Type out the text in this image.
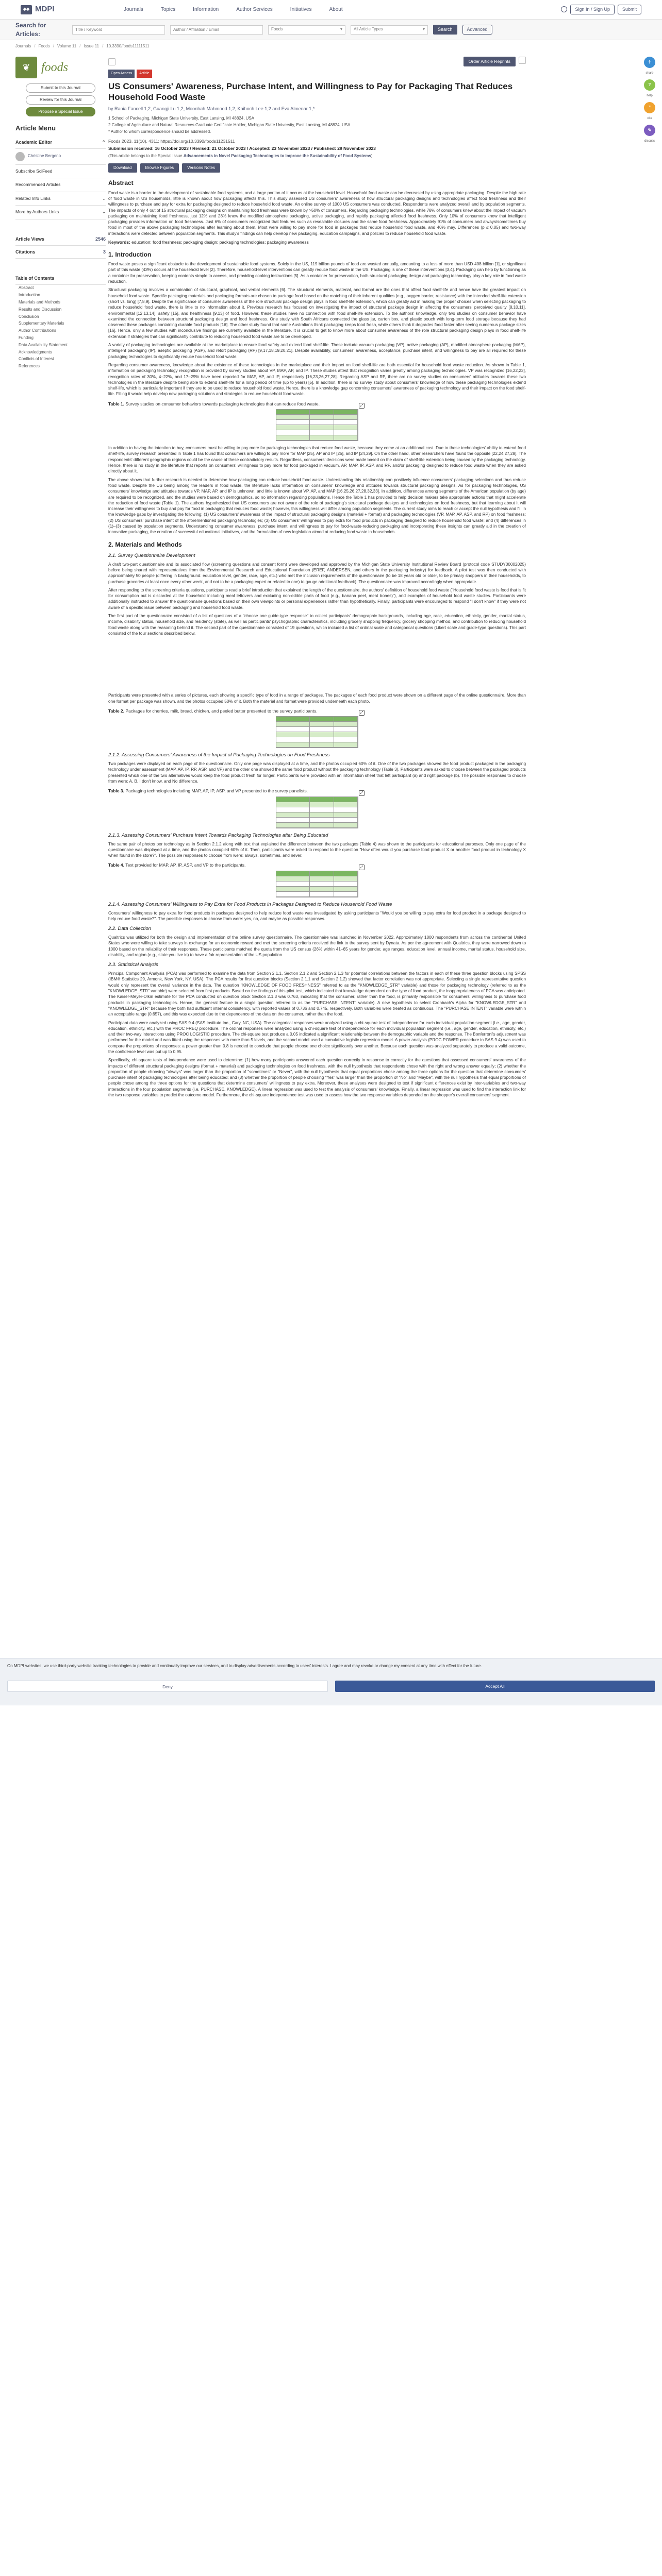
◆◆ MDPI	Journals	Topics	Information	Author Services	Initiatives	About	Sign In / Sign Up	Submit
Search for Articles:
Title / Keyword	Author / Affiliation / Email	Foods	▾	All Article Types	▾	Search	Advanced
Journals / Foods / Volume 11 / Issue 11 / 10.3390/foods11111511
❦ foods
Submit to this Journal
Review for this Journal
Propose a Special Issue
Article Menu
Academic Editor	⌃
Christine Bergeno
Subscribe SciFeed
Recommended Articles
Related Info Links	⌄
More by Authors Links	⌄
Article Views	2546
Citations	3
Table of Contents
Abstract
Introduction
Materials and Methods
Results and Discussion
Conclusion
Supplementary Materials
Author Contributions
Funding
Data Availability Statement
Acknowledgments
Conflicts of Interest
References
Order Article Reprints
Open Access	Article
US Consumers' Awareness, Purchase Intent, and Willingness to Pay for Packaging That Reduces Household Food Waste
by Rania Fancell 1,2, Guangji Lu 1,2, Moonhah Mahmood 1,2, Kaihoch Lee 1,2 and Eva Almenar 1,*
1 School of Packaging, Michigan State University, East Lansing, MI 48824, USA
2 College of Agriculture and Natural Resources Graduate Certificate Holder, Michigan State University, East Lansing, MI 48824, USA
* Author to whom correspondence should be addressed.
Foods 2023, 11(10), 4311; https://doi.org/10.3390/foods11231511
Submission received: 16 October 2023 / Revised: 21 October 2023 / Accepted: 23 November 2023 / Published: 29 November 2023
(This article belongs to the Special Issue Advancements in Novel Packaging Technologies to Improve the Sustainability of Food Systems)
Download	Browse Figures	Versions Notes
Abstract
Food waste is a barrier to the development of sustainable food systems, and a large portion of it occurs at the household level. Household food waste can be decreased by using appropriate packaging. Despite the high rate of food waste in US households, little is known about how packaging affects this. This study assessed US consumers' awareness of how structural packaging designs and technologies affect food freshness and their willingness to purchase and pay for extra for packaging designed to reduce household food waste. An online survey of 1000 US consumers was conducted. Respondents were analyzed overall and by population segments. The impacts of only 4 out of 15 structural packaging designs on maintaining food freshness were known by >50% of consumers. Regarding packaging technologies, while 78% of consumers knew about the impact of vacuum packaging on maintaining food freshness, just 12% and 28% knew the modified atmosphere packaging, active packaging, and rapidly packaging affected food freshness. Only 10% of consumers knew that intelligent packaging provides information on food freshness. Just 6% of consumers recognized that features such as resealable closures and the same food freshness. Approximately 91% of consumers and always/sometimes buy food in most of the above packaging technologies after learning about them. Most were willing to pay more for food in packages that reduce household food waste, and 40% may. Differences (p ≤ 0.05) and two-way interactions were detected between population segments. This study's findings can help develop new packaging, education campaigns, and policies to reduce household food waste.
Keywords: education; food freshness; packaging design; packaging technologies; packaging awareness
1. Introduction
Food waste poses a significant obstacle to the development of sustainable food systems. Solely in the US, 119 billion pounds of food are wasted annually, amounting to a loss of more than USD 408 billion [1], or significant part of this waste (43%) occurs at the household level [2]. Therefore, household-level interventions can greatly reduce food waste in the US. Packaging is one of these interventions [3,4]. Packaging can help by functioning as a container for preservation, keeping contents simple to access, and providing cooking instructions [5]. As a container for preservation, both structural packaging design and packaging technology play a key role in food waste reduction.
Structural packaging involves a combination of structural, graphical, and verbal elements [6]. The structural elements, material, and format are the ones that affect food shelf-life and hence have the greatest impact on household food waste. Specific packaging materials and packaging formats are chosen to package food based on the matching of their inherent qualities (e.g., oxygen barrier, resistance) with the intended shelf-life extension (short vs. long) [7,8,9]. Despite the significance of consumer awareness of the role structural package design plays in food shelf-life extension, which can greatly aid in making the proper choices when selecting packaging to reduce household food waste, there is little to no information about it. Previous research has focused on investigating the impact of structural package design in affecting the consumers' perceived quality [8,10,11], environmental [12,13,14], safety [15], and healthiness [9,13] of food. However, these studies have no connection with food shelf-life extension. To the authors' knowledge, only two studies on consumer behavior have examined the connection between structural packaging design and food freshness. One study with South Africans connected the glass jar, carton box, and plastic pouch with long-term food storage because they had observed these packages containing durable food products [16]. The other study found that some Australians think packaging keeps food fresh, while others think it degrades food faster after seeing numerous package sizes [16]. Hence, only a few studies with inconclusive findings are currently available in the literature. It is crucial to get to know more about consumer awareness of the role structural packaging design plays in food shelf-life extension if strategies that can significantly contribute to reducing household food waste are to be developed.
A variety of packaging technologies are available at the marketplace to ensure food safety and extend food shelf-life. These include vacuum packaging (VP), active packaging (AP), modified atmosphere packaging (MAP), intelligent packaging (IP), aseptic packaging (ASP), and retort packaging (RP) [9,17,18,19,20,21]. Despite availability, consumers' awareness, acceptance, purchase intent, and willingness to pay are all required for these packaging technologies to significantly reduce household food waste.
Regarding consumer awareness, knowledge about the existence of these technologies in the marketplace and their impact on food shelf-life are both essential for household food waste reduction. As shown in Table 1, information on packaging technology recognition is provided by survey studies about VP, MAP, AP, and IP. These studies attest that recognition varies greatly among packaging technologies. VP was recognized [16,22,23], recognition rates of 30%, 4–22%, and 17–29% have been reported for MAP, AP, and IP, respectively [16,23,26,27,28]. Regarding ASP and RP, there are no survey studies on consumers' attitudes towards these two technologies in the literature despite being able to extend shelf-life for a long period of time (up to years) [5]. In addition, there is no survey study about consumers' knowledge of how these packaging technologies extend shelf-life, which is particularly important if they are to be used to reduce household food waste. Hence, there is a knowledge gap concerning consumers' awareness of packaging technology and their impact on the food shelf-life. Filling it would help develop new packaging solutions and strategies to reduce household food waste.
Table 1. Survey studies on consumer behaviors towards packaging technologies that can reduce food waste.	⤢
In addition to having the intention to buy, consumers must be willing to pay more for packaging technologies that reduce food waste, because they come at an additional cost. Due to these technologies' ability to extend food shelf-life, survey research presented in Table 1 has found that consumers are willing to pay more for MAP [25], AP and IP [25], and IP [24,29]. On the other hand, other researchers have found the opposite [22,24,27,28]. The respondents' different geographic regions could be the cause of these contradictory results. Regardless, consumers' decisions were made based on the claim of shelf-life extension being caused by the packaging technology. Hence, there is no study in the literature that reports on consumers' willingness to pay more for food packaged in vacuum, AP, MAP, IP, ASP, and RP, and/or packaging designed to reduce food waste when they are asked directly about it.
The above shows that further research is needed to determine how packaging can reduce household food waste. Understanding this relationship can positively influence consumers' packaging selections and thus reduce food waste. Despite the US being among the leaders in food waste, the literature lacks information on consumers' knowledge and attitudes towards structural packaging designs. As for packaging technologies, US consumers' knowledge and attitudes towards VP, MAP, AP, and IP is unknown, and little is known about VP, AP, and MAP [16,25,26,27,28,32,33]. In addition, differences among segments of the American population (by age) are required to be recognized, and the studies were based on demographics, so no information regarding populations. Hence the Table 1 has provided to help decision makers take appropriate actions that might accelerate the reduction of food waste (Table 1). The authors hypothesized that US consumers are not aware of the role of packaging's structural package designs and technologies on food freshness, but that learning about it will increase their willingness to buy and pay for food in packaging that reduces food waste; however, this willingness will differ among population segments. The current study aims to reach or accept the null hypothesis and fill in the knowledge gaps by investigating the following: (1) US consumers' awareness of the impact of structural packaging designs (material + format) and packaging technologies (VP, MAP, AP, ASP, and RP) on food freshness; (2) US consumers' purchase intent of the aforementioned packaging technologies; (3) US consumers' willingness to pay extra for food products in packaging designed to reduce household food waste; and (4) differences in (1)–(3) caused by population segments. Understanding consumer awareness, purchase intent, and willingness to pay for food-waste-reducing packaging and incorporating these insights can greatly aid in the creation of innovative packaging, the creation of successful educational initiatives, and the formulation of new legislation aimed at reducing food waste in households.
2. Materials and Methods
2.1. Survey Questionnaire Development
A draft two-part questionnaire and its associated flow (screening questions and consent form) were developed and approved by the Michigan State University Institutional Review Board (protocol code STUDY00002025) before being shared with representatives from the Environmental Research and Educational Foundation (EREF, ANDERSEN, and others in the packaging industry) for feedback. A pilot test was then conducted with approximately 50 people (differing in background: education level, gender, race, age, etc.) who met the inclusion requirements of the questionnaire (to be 18 years old or older, to be primary shoppers in their households, to purchase groceries at least once every other week, and not to be a packaging expert or related to one) to gauge additional feedback). The questionnaire was improved accordingly when appropriate.
After responding to the screening criteria questions, participants read a brief introduction that explained the length of the questionnaire, the authors' definition of household food waste ("Household food waste is food that is fit for consumption but is discarded at the household including meal leftovers and excluding non-edible parts of food (e.g., banana peel, meat bones)"), and examples of household food waste studies. Participants were additionally instructed to answer the questionnaire questions based on their own viewpoints or personal experiences rather than hypothetically. Finally, participants were encouraged to respond "I don't know" if they were not aware of a specific issue between packaging and household food waste.
The first part of the questionnaire consisted of a list of questions of a "choose one guide-type response" to collect participants' demographic backgrounds, including age, race, education, ethnicity, gender, marital status, income, disability status, household size, and residency (state), as well as participants' psychographic characteristics, including grocery shopping frequency, grocery shopping method, and contribution to reducing household food waste along with the reasoning behind it. The second part of the questionnaire consisted of 19 questions, which included a list of ordinal scale and categorical questions (Likert scale and guide-type questions). This part consisted of the four sections described below.
Participants were presented with a series of pictures, each showing a specific type of food in a range of packages. The packages of each food product were shown on a different page of the online questionnaire. More than one format per package was shown, and the photos occupied 50% of it. Both the material and format were provided underneath each photo.
Table 2. Packages for cherries, milk, bread, chicken, and peeled butter presented to the survey participants.	⤢
2.1.2. Assessing Consumers' Awareness of the Impact of Packaging Technologies on Food Freshness
Two packages were displayed on each page of the questionnaire. Only one page was displayed at a time, and the photos occupied 60% of it. One of the two packages showed the food product packaged in the packaging technology under assessment (MAP, AP, IP, RP, ASP, and VP) and the other one showed the same food product without the packaging technology (Table 3). Participants were asked to choose between the packaged products presented which one of the two alternatives would keep the food product fresh for longer. Participants were provided with an information sheet that left participant (a) and right package (b). The possible responses to choose from were: A, B, I don't know, and No difference.
Table 3. Packaging technologies including MAP, AP, IP, ASP, and VP presented to the survey panelists.	⤢
2.1.3. Assessing Consumers' Purchase Intent Towards Packaging Technologies after Being Educated
The same pair of photos per technology as in Section 2.1.2 along with text that explained the difference between the two packages (Table 4) was shown to the participants for educational purposes. Only one page of the questionnaire was displayed at a time, and the photos occupied 60% of it. Then, participants were asked to respond to the question "How often would you purchase food product X or another food product in technology X when found in the store?". The possible responses to choose from were: always, sometimes, and never.
Table 4. Text provided for MAP, AP, IP, ASP, and VP to the participants.	⤢
2.1.4. Assessing Consumers' Willingness to Pay Extra for Food Products in Packages Designed to Reduce Household Food Waste
Consumers' willingness to pay extra for food products in packages designed to help reduce food waste was investigated by asking participants "Would you be willing to pay extra for food product in a package designed to help reduce food waste?". The possible responses to choose from were: yes, no, and maybe as possible responses.
2.2. Data Collection
Qualtrics was utilized for both the design and implementation of the online survey questionnaire. The questionnaire was launched in November 2022. Approximately 1000 respondents from across the continental United States who were willing to take surveys in exchange for an economic reward and met the screening criteria received the link to the survey sent by Dynata. As per the agreement with Qualtrics, they were narrowed down to 1000 based on the reliability of their responses. These participants matched the quota from the US census (26% within 41–65 years for gender, age ranges, education level, annual income, marital status, household size, disability, and region (e.g., state you live in) to have a fair representation of the US population.
2.3. Statistical Analysis
Principal Component Analysis (PCA) was performed to examine the data from Section 2.1.1, Section 2.1.2 and Section 2.1.3 for potential correlations between the factors in each of these three question blocks using SPSS (IBM® Statistics 29, Armonk, New York, NY, USA). The PCA results for first question blocks (Section 2.1.1 and Section 2.1.2) showed that factor correlation was not appropriate. Selecting a single representative question would only represent the overall variance in the data. The question "KNOWLEDGE OF FOOD FRESHNESS" referred to as the "KNOWLEDGE_STR" variable) and those for packaging technology (referred to as the "KNOWLEDGE_STR" variable) were selected from first products. Based on the findings of this pilot test, which indicated that knowledge dependent on the type of food product, the inappropriateness of PCA was anticipated. The Kaiser-Meyer-Olkin estimate for the PCA conducted on question block Section 2.1.3 was 0.763, indicating that the consumer, rather than the food, is primarily responsible for consumers' willingness to purchase food products in packaging technologies. Hence, the general feature in a single question referred to as the "PURCHASE INTENT" variable). A new hypothesis to select Cronbach's Alpha for "KNOWLEDGE_STR" and "KNOWLEDGE_STR" because they both had sufficient internal consistency, with reported values of 0.736 and 0.745, respectively. Both variables were treated as continuous. The "PURCHASE INTENT" variable were within an acceptable range (0.657), and this was expected due to the dependence of the data on the consumer, rather than the food.
Participant data were analyzed using SAS 9.4 (SAS Institute Inc., Cary, NC, USA). The categorical responses were analyzed using a chi-square test of independence for each individual population segment (i.e., age, gender, education, ethnicity, etc.) with the PROC FREQ procedure. The ordinal responses were analyzed using a chi-square test of independence for each individual population segment (i.e., age, gender, education, ethnicity, etc.) and their two-way interactions using PROC LOGISTIC procedure. The chi-square test produce a 0.05 indicated a significant relationship between the demographic variable and the response. The Bonferroni's adjustment was performed for the model and was fitted using the responses with more than 5 levels, and the second model used a cumulative logistic regression model. A power analysis (PROC POWER procedure in SAS 9.4) was used to compare the proportions of responses: a power greater than 0.8 is needed to conclude that people choose one choice significantly over another. Because each question was analyzed separately to produce a valid outcome, the confidence level was put up to 0.95.
Specifically, chi-square tests of independence were used to determine: (1) how many participants answered each question correctly in response to correctly for the questions that assessed consumers' awareness of the impacts of different structural packaging designs (format + material) and packaging technologies on food freshness, with the null hypothesis that respondents chose with the right and wrong answer equally; (2) whether the proportion of people choosing "always" was larger than the proportion of "sometimes" or "Never", with the null hypothesis that equal proportions chose among the three options for the question that determine consumers' purchase intent of packaging technologies after being educated; and (3) whether the proportion of people choosing "Yes" was larger than the proportion of "No" and "Maybe", with the null hypothesis that equal proportions of people chose among the three options for the questions that determine consumers' willingness to pay extra. Moreover, these analyses were designed to test if significant differences exist by inter-variables and two-way interactions in the four population segments (i.e. PURCHASE, KNOWLEDGE). A linear regression was used to test the analysis of consumers' knowledge. Finally, a linear regression was used to find the interaction link for the two response variables to predict the outcome model. Furthermore, the chi-square independence test was used to assess how the two response variables depended on the shopper's overall consumers' segment.
⇪
share
?
help
”
cite
✎
discuss
On MDPI websites, we use third-party website tracking technologies to provide and continually improve our services, and to display advertisements according to users' interests. I agree and may revoke or change my consent at any time with effect for the future.
Deny	Accept All
